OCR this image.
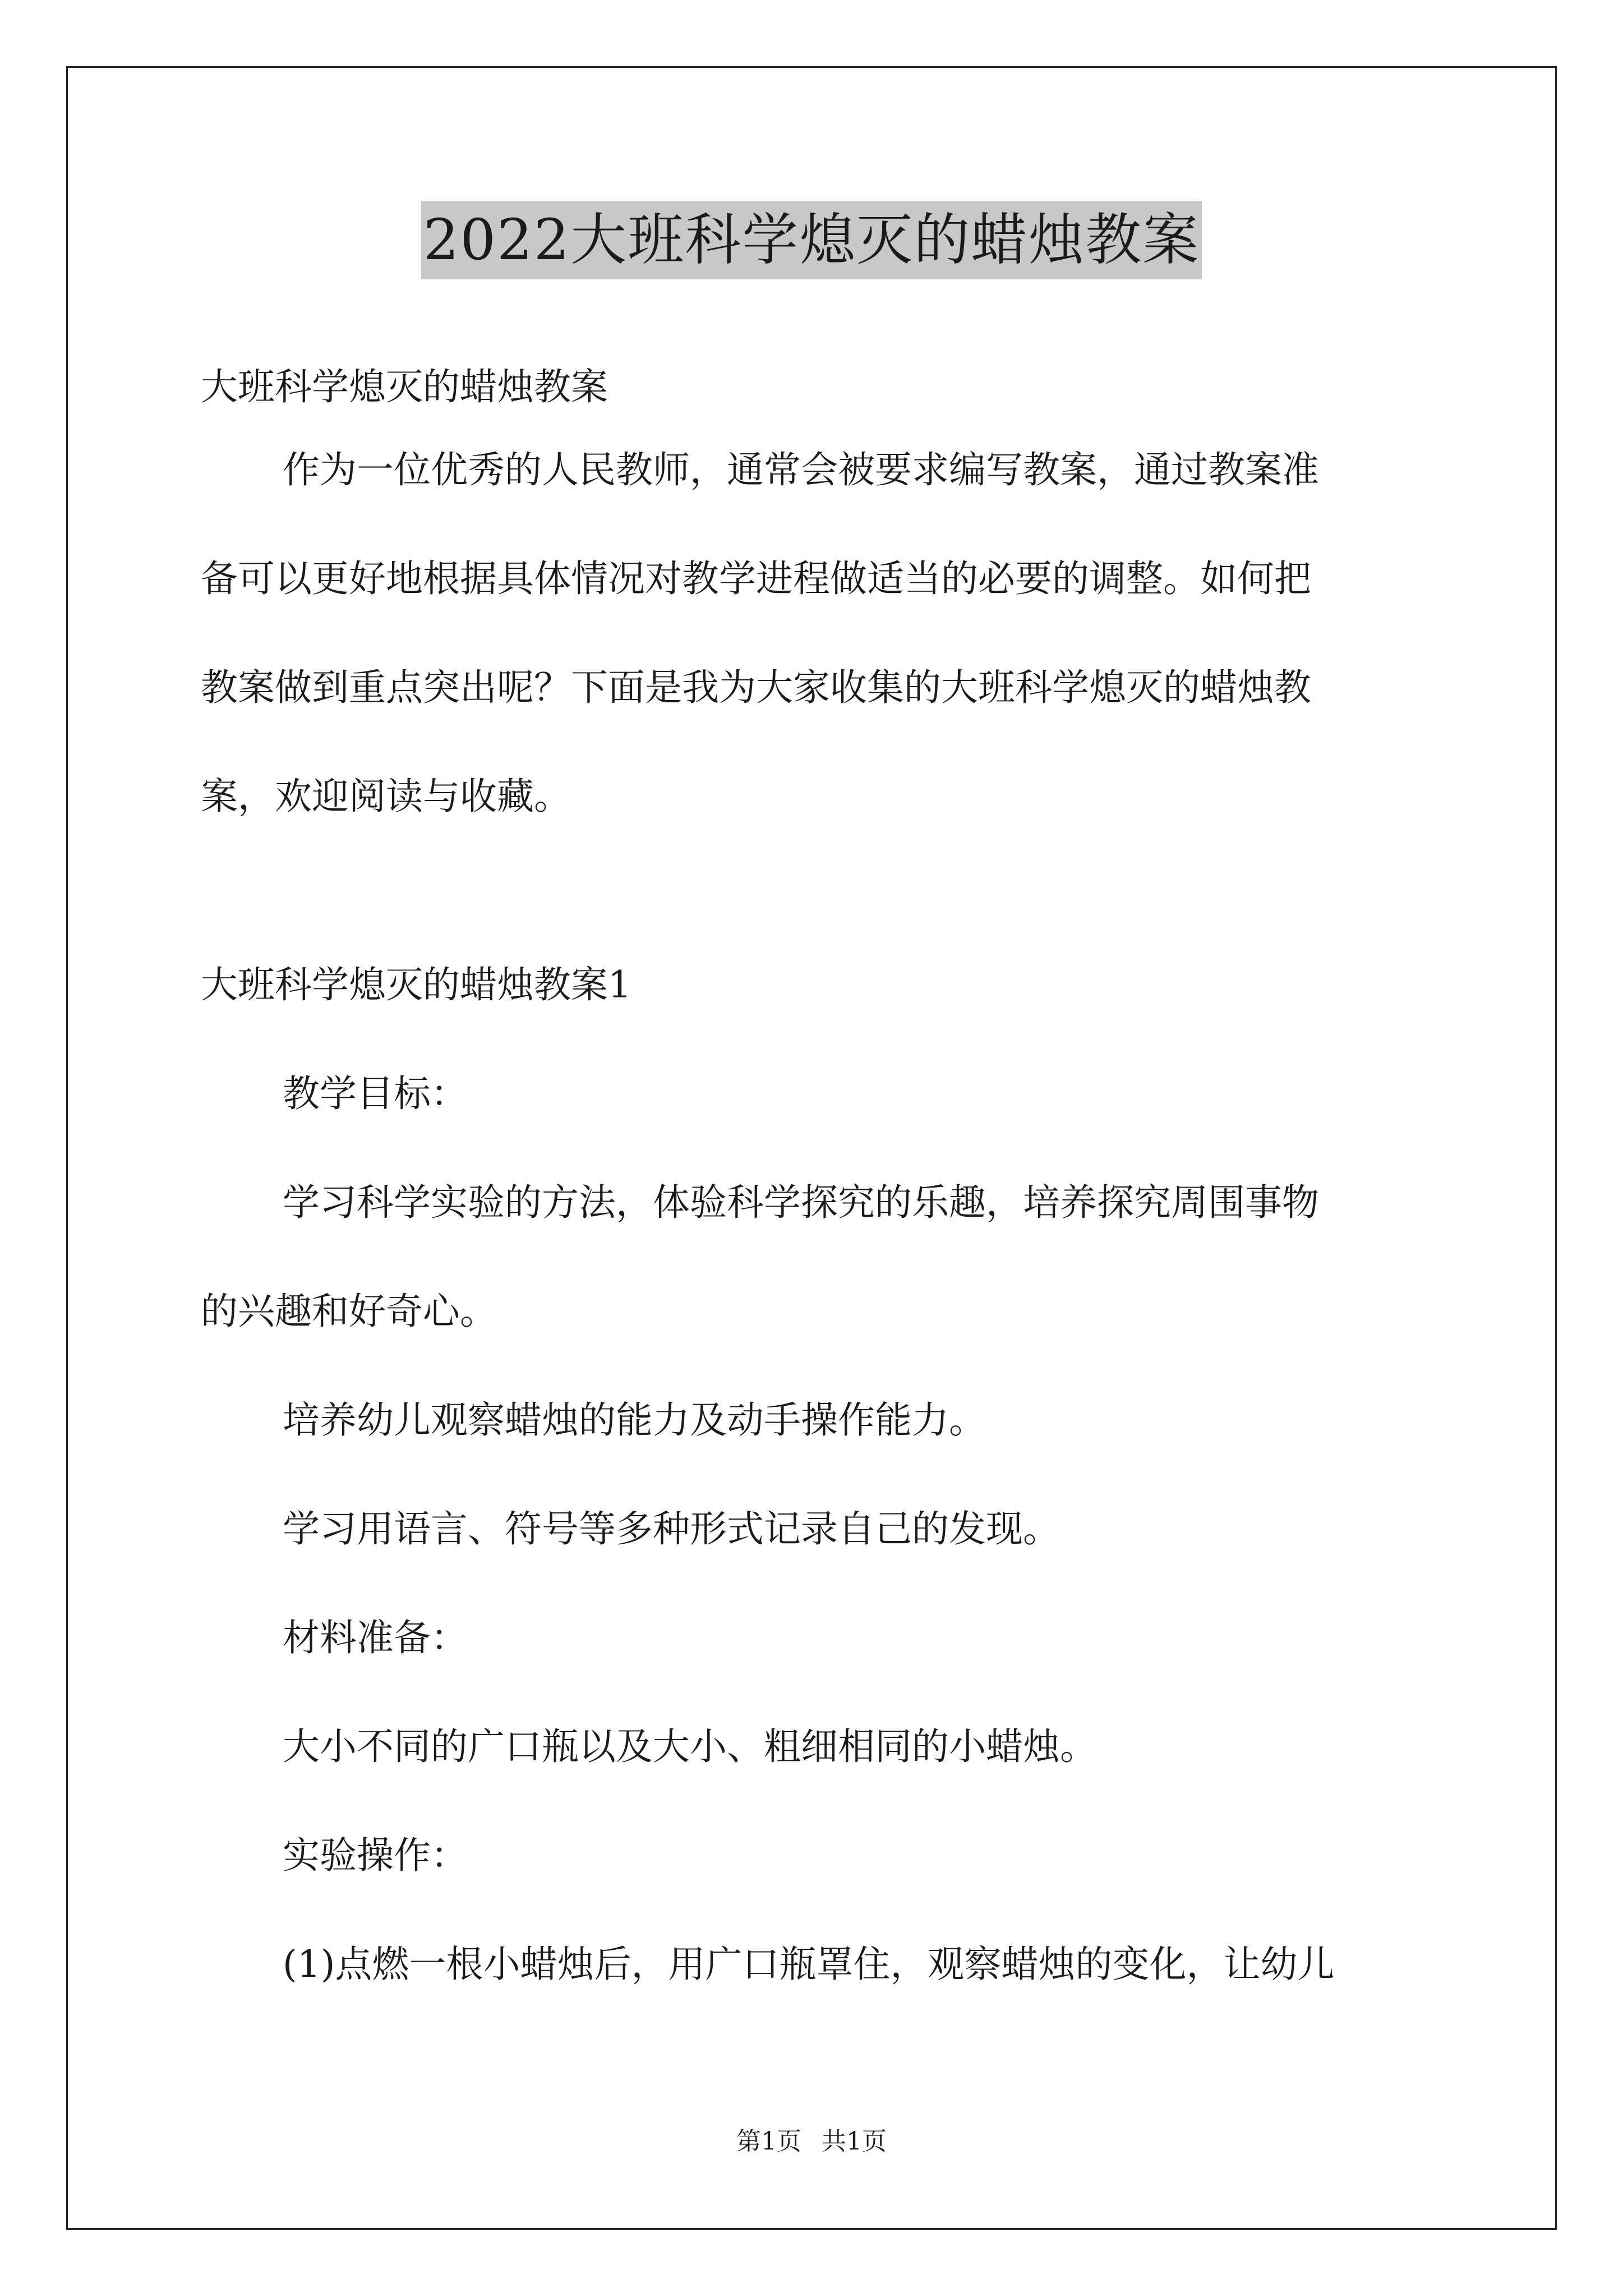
2022大班科学熄灭的蜡烛教案

大班科学熄灭的蜡烛教案

作为一位优秀的人民教师，通常会被要求编写教案，通过教案准

备可以更好地根据具体情况对教学进程做适当的必要的调整。如何把

教案做到重点突出呢？下面是我为大家收集的大班科学熄灭的蜡烛教

案，欢迎阅读与收藏。

大班科学熄灭的蜡烛教案1

教学目标：

学习科学实验的方法，体验科学探究的乐趣，培养探究周围事物

的兴趣和好奇心。

培养幼儿观察蜡烛的能力及动手操作能力。

学习用语言、符号等多种形式记录自己的发现。

材料准备：

大小不同的广口瓶以及大小、粗细相同的小蜡烛。

实验操作：

(1)点燃一根小蜡烛后，用广口瓶罩住，观察蜡烛的变化，让幼儿

第1页 共1页
